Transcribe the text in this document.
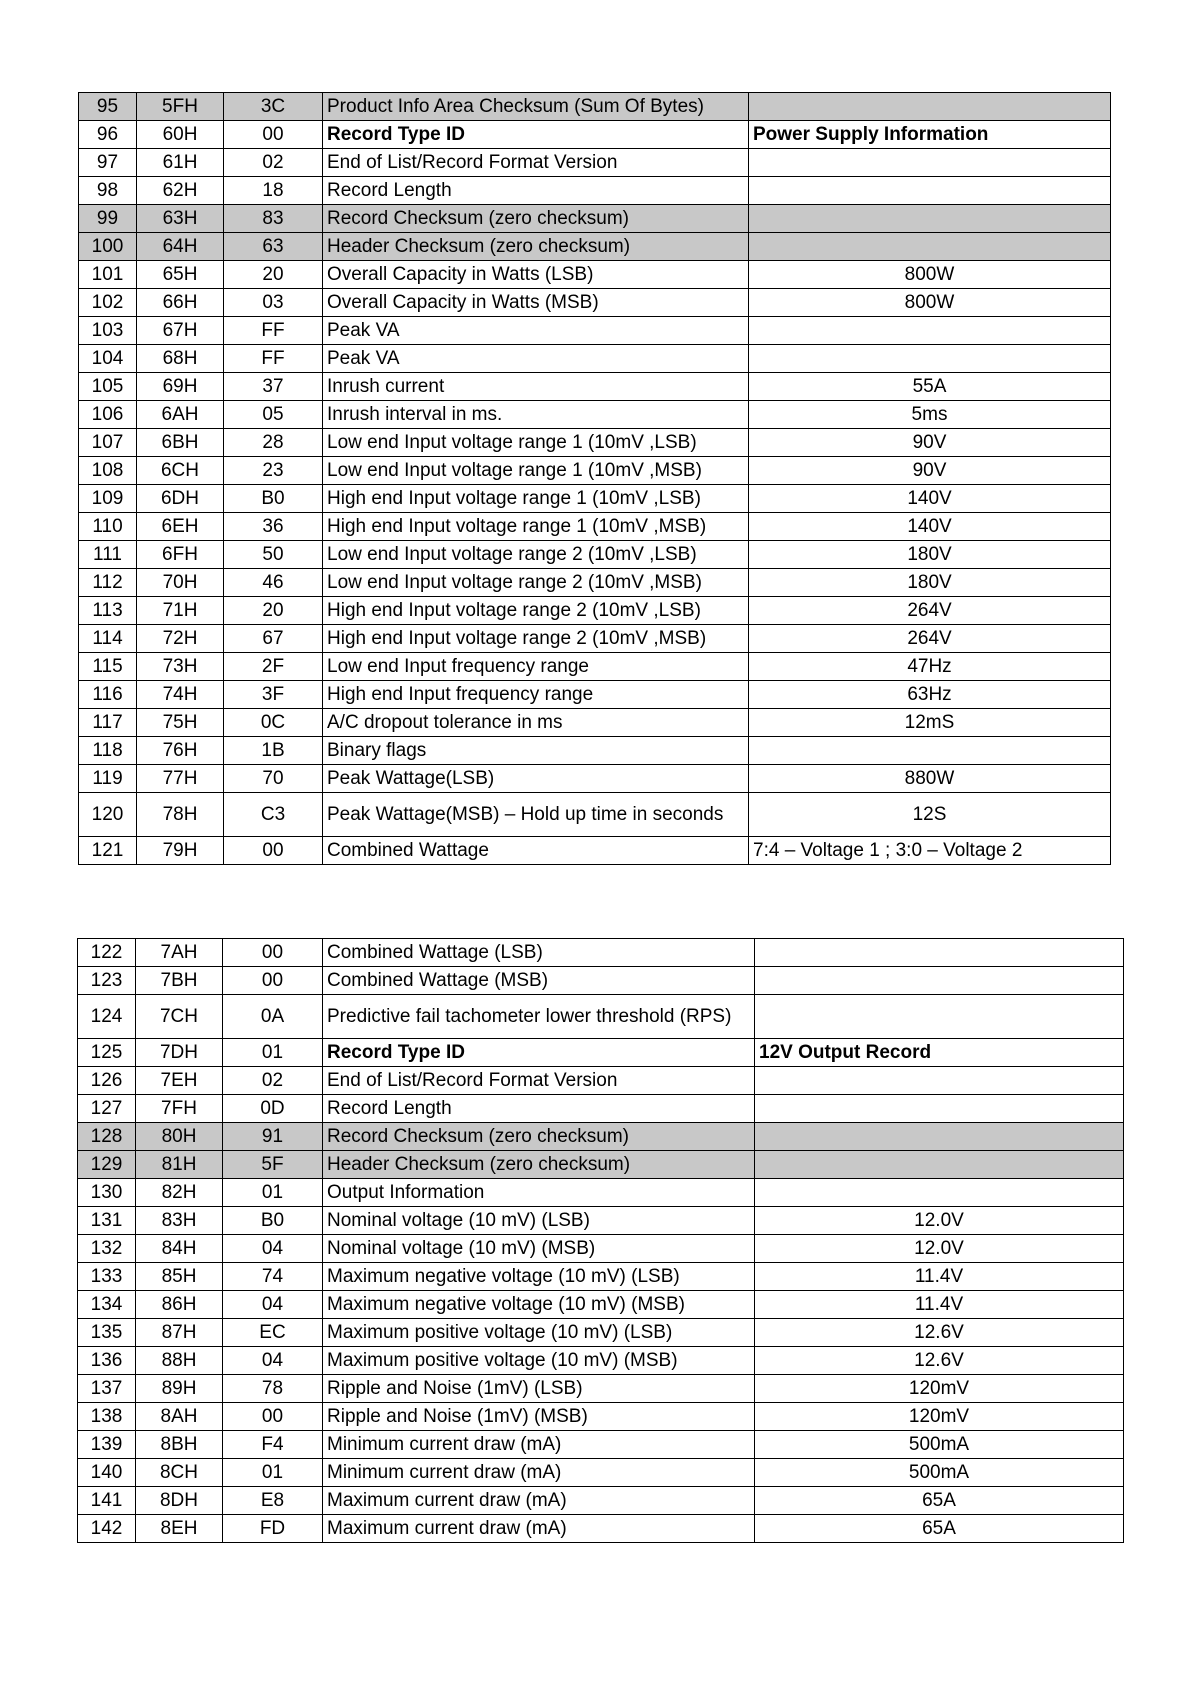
95	5FH	3C	Product Info Area Checksum (Sum Of Bytes)	
96	60H	00	Record Type ID	Power Supply Information
97	61H	02	End of List/Record Format Version	
98	62H	18	Record Length	
99	63H	83	Record Checksum (zero checksum)	
100	64H	63	Header Checksum (zero checksum)	
101	65H	20	Overall Capacity in Watts (LSB)	800W
102	66H	03	Overall Capacity in Watts (MSB)	800W
103	67H	FF	Peak VA	
104	68H	FF	Peak VA	
105	69H	37	Inrush current	55A
106	6AH	05	Inrush interval in ms.	5ms
107	6BH	28	Low end Input voltage range 1 (10mV ,LSB)	90V
108	6CH	23	Low end Input voltage range 1 (10mV ,MSB)	90V
109	6DH	B0	High end Input voltage range 1 (10mV ,LSB)	140V
110	6EH	36	High end Input voltage range 1 (10mV ,MSB)	140V
111	6FH	50	Low end Input voltage range 2 (10mV ,LSB)	180V
112	70H	46	Low end Input voltage range 2 (10mV ,MSB)	180V
113	71H	20	High end Input voltage range 2 (10mV ,LSB)	264V
114	72H	67	High end Input voltage range 2 (10mV ,MSB)	264V
115	73H	2F	Low end Input frequency range	47Hz
116	74H	3F	High end Input frequency range	63Hz
117	75H	0C	A/C dropout tolerance in ms	12mS
118	76H	1B	Binary flags	
119	77H	70	Peak Wattage(LSB)	880W
120	78H	C3	Peak Wattage(MSB) – Hold up time in seconds	12S
121	79H	00	Combined Wattage	7:4 – Voltage 1 ; 3:0 – Voltage 2
122	7AH	00	Combined Wattage (LSB)	
123	7BH	00	Combined Wattage (MSB)	
124	7CH	0A	Predictive fail tachometer lower threshold (RPS)	
125	7DH	01	Record Type ID	12V Output Record
126	7EH	02	End of List/Record Format Version	
127	7FH	0D	Record Length	
128	80H	91	Record Checksum (zero checksum)	
129	81H	5F	Header Checksum (zero checksum)	
130	82H	01	Output Information	
131	83H	B0	Nominal voltage (10 mV) (LSB)	12.0V
132	84H	04	Nominal voltage (10 mV) (MSB)	12.0V
133	85H	74	Maximum negative voltage (10 mV) (LSB)	11.4V
134	86H	04	Maximum negative voltage (10 mV) (MSB)	11.4V
135	87H	EC	Maximum positive voltage (10 mV) (LSB)	12.6V
136	88H	04	Maximum positive voltage (10 mV) (MSB)	12.6V
137	89H	78	Ripple and Noise (1mV) (LSB)	120mV
138	8AH	00	Ripple and Noise (1mV) (MSB)	120mV
139	8BH	F4	Minimum current draw (mA)	500mA
140	8CH	01	Minimum current draw (mA)	500mA
141	8DH	E8	Maximum current draw (mA)	65A
142	8EH	FD	Maximum current draw (mA)	65A
